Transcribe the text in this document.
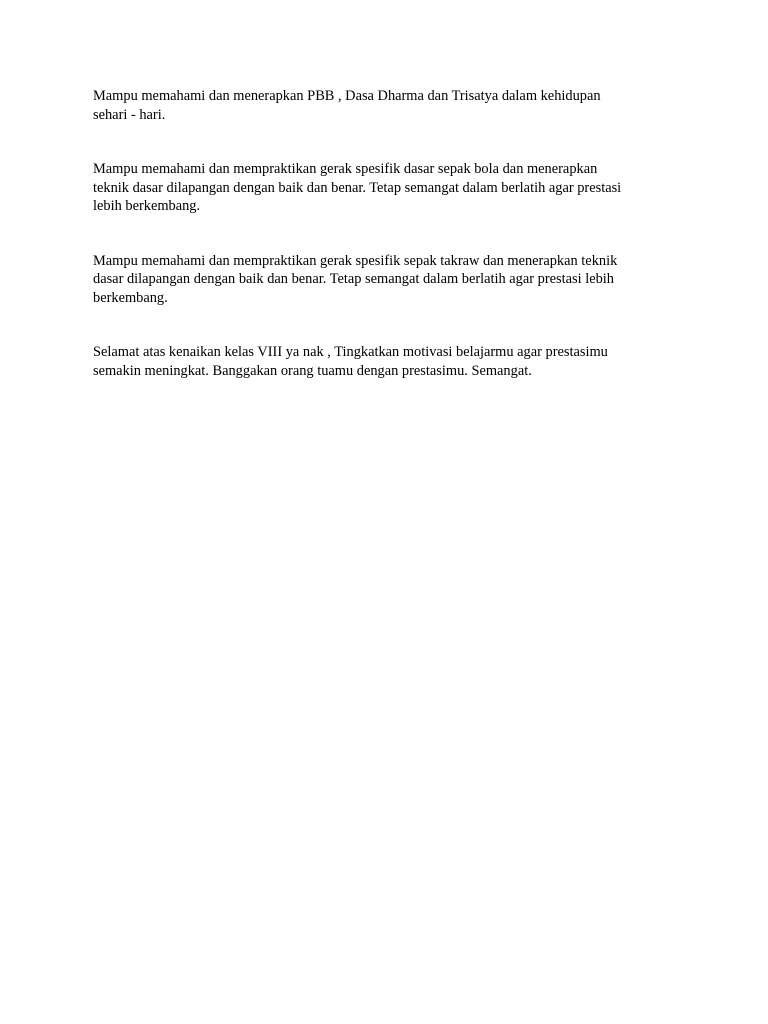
Mampu memahami dan menerapkan PBB , Dasa Dharma dan Trisatya dalam kehidupan
sehari - hari.

Mampu memahami dan mempraktikan gerak spesifik dasar sepak bola dan menerapkan
teknik dasar dilapangan dengan baik dan benar. Tetap semangat dalam berlatih agar prestasi
lebih berkembang.

Mampu memahami dan mempraktikan gerak spesifik sepak takraw dan menerapkan teknik
dasar dilapangan dengan baik dan benar. Tetap semangat dalam berlatih agar prestasi lebih
berkembang.

Selamat atas kenaikan kelas VIII ya nak , Tingkatkan motivasi belajarmu agar prestasimu
semakin meningkat. Banggakan orang tuamu dengan prestasimu. Semangat.
